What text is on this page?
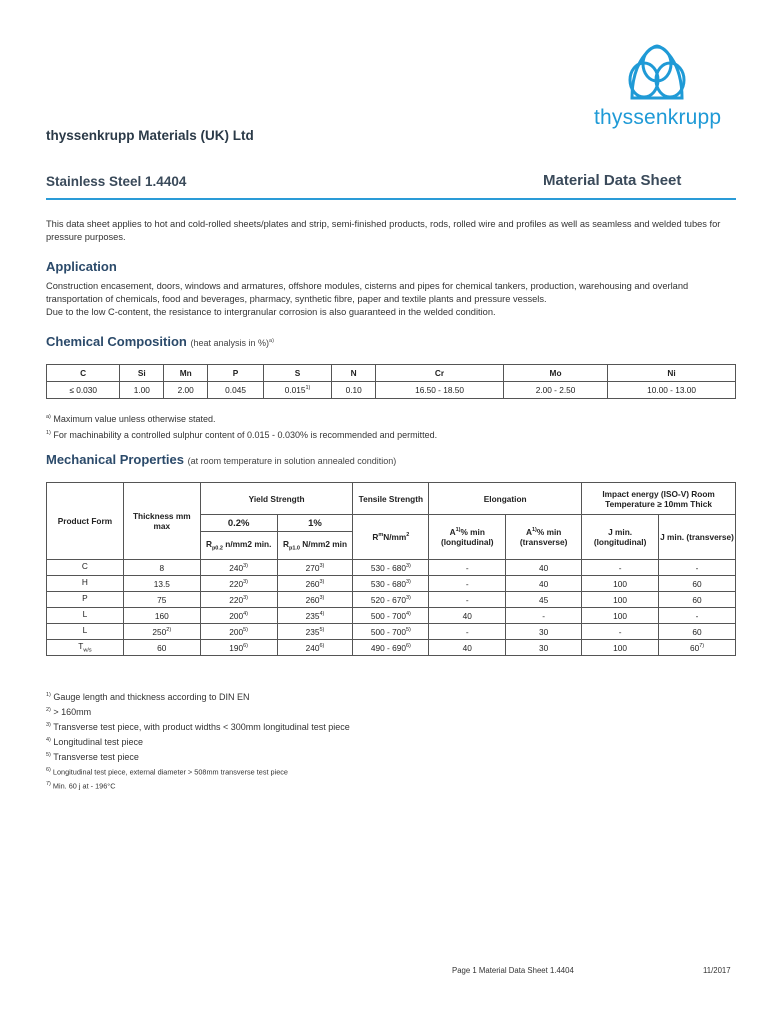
thyssenkrupp
thyssenkrupp Materials (UK) Ltd
Stainless Steel 1.4404	Material Data Sheet
This data sheet applies to hot and cold-rolled sheets/plates and strip, semi-finished products, rods, rolled wire and profiles as well as seamless and welded tubes for pressure purposes.
Application
Construction encasement, doors, windows and armatures, offshore modules, cisterns and pipes for chemical tankers, production, warehousing and overland transportation of chemicals, food and beverages, pharmacy, synthetic fibre, paper and textile plants and pressure vessels.
Due to the low C-content, the resistance to intergranular corrosion is also guaranteed in the welded condition.
Chemical Composition (heat analysis in %)$^{a)}$
C	Si	Mn	P	S	N	Cr	Mo	Ni
≤ 0.030	1.00	2.00	0.045	0.015$^{1)}$	0.10	16.50 - 18.50	2.00 - 2.50	10.00 - 13.00
$^{a)}$ Maximum value unless otherwise stated.
$^{1)}$ For machinability a controlled sulphur content of 0.015 - 0.030% is recommended and permitted.
Mechanical Properties (at room temperature in solution annealed condition)
Product Form	Thickness mm max	Yield Strength		Tensile Strength	Elongation		Impact energy (ISO-V) Room Temperature ≥ 10mm Thick	
		0.2%	1%	$R^mN/mm^2$	$A^{1)}\%$ min (longitudinal)	$A^{1)}\%$ min (transverse)	J min. (longitudinal)	J min. (transverse)
		$R_{p0.2}$ n/mm2 min.	$R_{p1.0}$ N/mm2 min					
C	8	240$^{3)}$	270$^{3)}$	530 - 680$^{3)}$	-	40	-	-
H	13.5	220$^{3)}$	260$^{3)}$	530 - 680$^{3)}$	-	40	100	60
P	75	220$^{3)}$	260$^{3)}$	520 - 670$^{3)}$	-	45	100	60
L	160	200$^{4)}$	235$^{4)}$	500 - 700$^{4)}$	40	-	100	-
L	250$^{2)}$	200$^{5)}$	235$^{5)}$	500 - 700$^{5)}$	-	30	-	60
$T_{w/s}$	60	190$^{6)}$	240$^{6)}$	490 - 690$^{6)}$	40	30	100	60$^{7)}$
$^{1)}$ Gauge length and thickness according to DIN EN
$^{2)}$ > 160mm
$^{3)}$ Transverse test piece, with product widths < 300mm longitudinal test piece
$^{4)}$ Longitudinal test piece
$^{5)}$ Transverse test piece
$^{6)}$ Longitudinal test piece, external diameter > 508mm transverse test piece
$^{7)}$ Min. 60 j at - 196°C
Page 1 Material Data Sheet 1.4404	11/2017
